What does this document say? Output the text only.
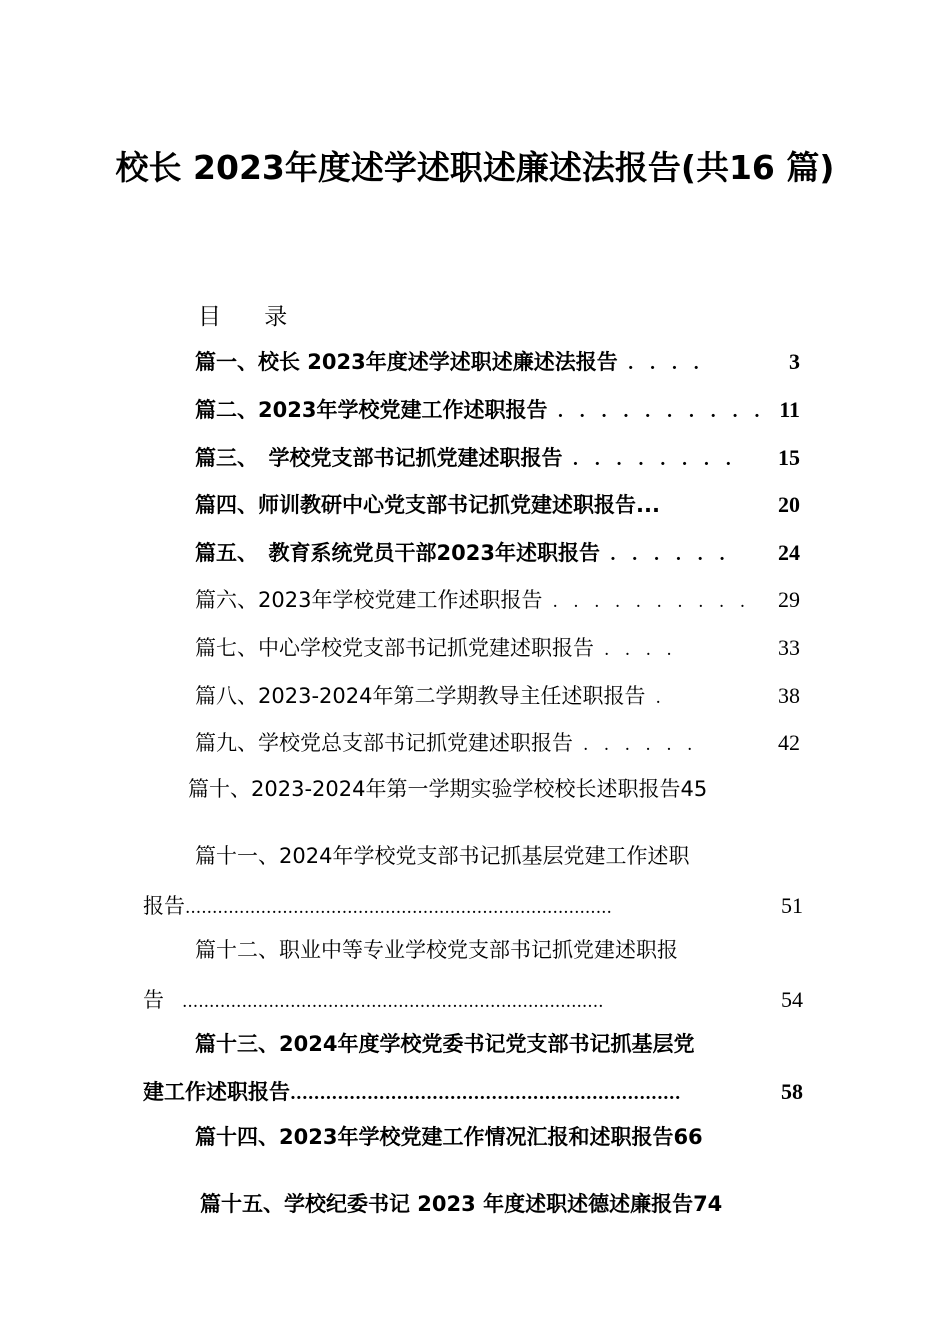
校长 2023年度述学述职述廉述法报告(共16 篇)
目 录
篇一、校长 2023年度述学述职述廉述法报告 . . . .	3
篇二、2023年学校党建工作述职报告 . . . . . . . . . . 11
篇三、　学校党支部书记抓党建述职报告 . . . . . . . .	15
篇四、师训教研中心党支部书记抓党建述职报告...	20
篇五、　教育系统党员干部2023年述职报告 . . . . . .	24
篇六、2023年学校党建工作述职报告 . . . . . . . . . .	29
篇七、中心学校党支部书记抓党建述职报告 . . . .	33
篇八、2023-2024年第二学期教导主任述职报告 .	38
篇九、学校党总支部书记抓党建述职报告 . . . . . .	42
篇十、2023-2024年第一学期实验学校校长述职报告45
篇十一、2024年学校党支部书记抓基层党建工作述职
报告 ...............................................................................	51
篇十二、职业中等专业学校党支部书记抓党建述职报
告	..............................................................................	54
篇十三、2024年度学校党委书记党支部书记抓基层党
建工作述职报告 ..................................................................	58
篇十四、2023年学校党建工作情况汇报和述职报告66
篇十五、学校纪委书记 2023 年度述职述德述廉报告74
